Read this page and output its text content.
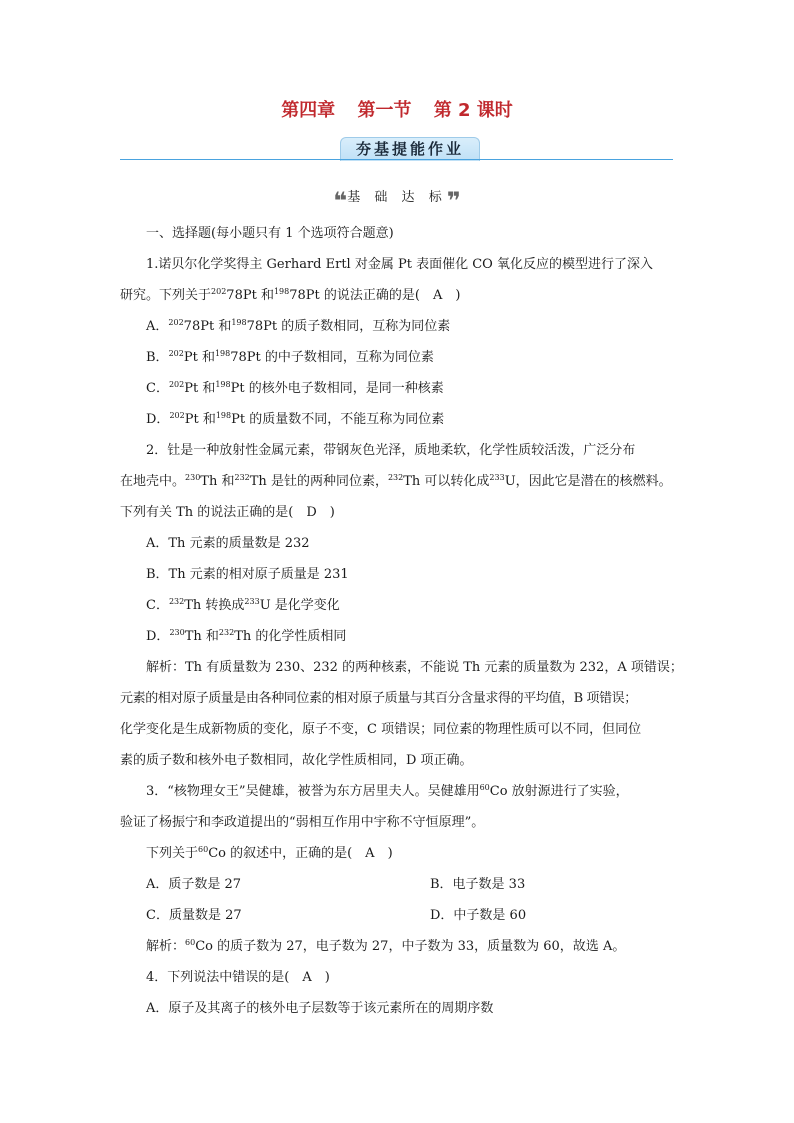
第四章 第一节 第 2 课时
夯基提能作业
❝基 础 达 标❞
一、选择题(每小题只有 1 个选项符合题意)
1.诺贝尔化学奖得主 Gerhard Ertl 对金属 Pt 表面催化 CO 氧化反应的模型进行了深入
研究。下列关于$^{202}$78Pt 和$^{198}$78Pt 的说法正确的是(　A　)
A．$^{202}$78Pt 和$^{198}$78Pt 的质子数相同，互称为同位素
B．$^{202}$Pt 和$^{198}$78Pt 的中子数相同，互称为同位素
C．$^{202}$Pt 和$^{198}$Pt 的核外电子数相同，是同一种核素
D．$^{202}$Pt 和$^{198}$Pt 的质量数不同，不能互称为同位素
2．钍是一种放射性金属元素，带钢灰色光泽，质地柔软，化学性质较活泼，广泛分布
在地壳中。$^{230}$Th 和$^{232}$Th 是钍的两种同位素，$^{232}$Th 可以转化成$^{233}$U，因此它是潜在的核燃料。
下列有关 Th 的说法正确的是(　D　)
A．Th 元素的质量数是 232
B．Th 元素的相对原子质量是 231
C．$^{232}$Th 转换成$^{233}$U 是化学变化
D．$^{230}$Th 和$^{232}$Th 的化学性质相同
解析：Th 有质量数为 230、232 的两种核素，不能说 Th 元素的质量数为 232，A 项错误；
元素的相对原子质量是由各种同位素的相对原子质量与其百分含量求得的平均值，B 项错误；
化学变化是生成新物质的变化，原子不变，C 项错误；同位素的物理性质可以不同，但同位
素的质子数和核外电子数相同，故化学性质相同，D 项正确。
3．“核物理女王”吴健雄，被誉为东方居里夫人。吴健雄用$^{60}$Co 放射源进行了实验，
验证了杨振宁和李政道提出的“弱相互作用中宇称不守恒原理”。
下列关于$^{60}$Co 的叙述中，正确的是(　A　)
A．质子数是 27	B．电子数是 33
C．质量数是 27	D．中子数是 60
解析：$^{60}$Co 的质子数为 27，电子数为 27，中子数为 33，质量数为 60，故选 A。
4．下列说法中错误的是(　A　)
A．原子及其离子的核外电子层数等于该元素所在的周期序数
